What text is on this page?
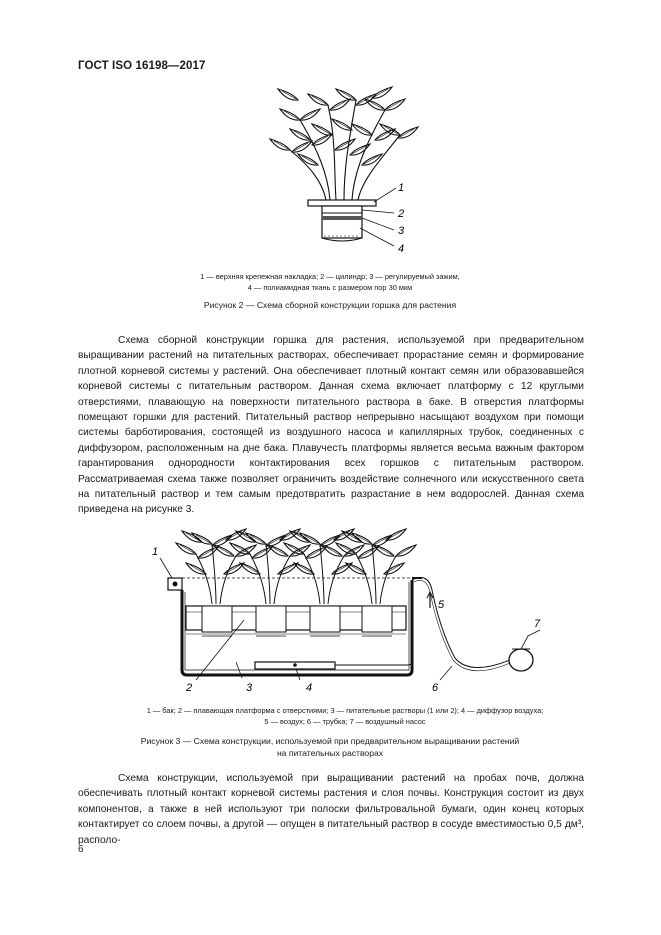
ГОСТ ISO 16198—2017
1
2
3
4
1 — верхняя крепежная накладка; 2 — цилиндр; 3 — регулируемый зажим,
4 — полиамидная ткань с размером пор 30 мкм
Рисунок 2 — Схема сборной конструкции горшка для растения

Схема сборной конструкции горшка для растения, используемой при предварительном выращивании растений на питательных растворах, обеспечивает прорастание семян и формирование плотной корневой системы у растений. Она обеспечивает плотный контакт семян или образовавшейся корневой системы с питательным раствором. Данная схема включает платформу с 12 круглыми отверстиями, плавающую на поверхности питательного раствора в баке. В отверстия платформы помещают горшки для растений. Питательный раствор непрерывно насыщают воздухом при помощи системы барботирования, состоящей из воздушного насоса и капиллярных трубок, соединенных с диффузором, расположенным на дне бака. Плавучесть платформы является весьма важным фактором гарантирования однородности контактирования всех горшков с питательным раствором. Рассматриваемая схема также позволяет ограничить воздействие солнечного или искусственного света на питательный раствор и тем самым предотвратить разрастание в нем водорослей. Данная схема приведена на рисунке 3.

1
2	3	4
5
6
7
1 — бак; 2 — плавающая платформа с отверстиями; 3 — питательные растворы (1 или 2); 4 — диффузор воздуха;
5 — воздух; 6 — трубка; 7 — воздушный насос
Рисунок 3 — Схема конструкции, используемой при предварительном выращивании растений
на питательных растворах

Схема конструкции, используемой при выращивании растений на пробах почв, должна обеспечивать плотный контакт корневой системы растения и слоя почвы. Конструкция состоит из двух компонентов, а также в ней используют три полоски фильтровальной бумаги, один конец которых контактирует со слоем почвы, а другой — опущен в питательный раствор в сосуде вместимостью 0,5 дм³, располо-

6
